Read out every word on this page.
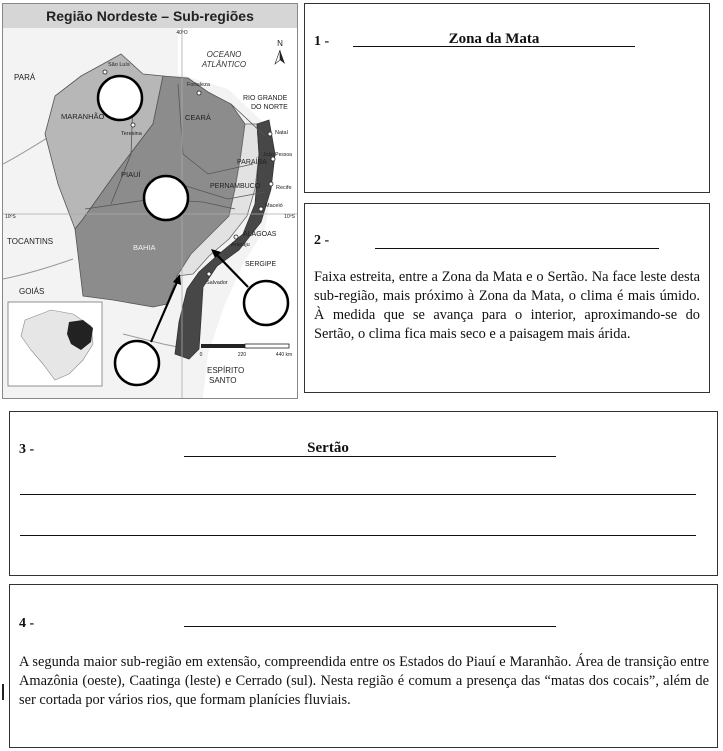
Região Nordeste – Sub-regiões
40ºO
10ºS	10ºS
N
OCEANO
ATLÂNTICO
PARÁ
TOCANTINS
GOIÁS
ESPÍRITO
SANTO
MARANHÃO
PIAUÍ
CEARÁ
RIO GRANDE
DO NORTE
PARAÍBA
PERNAMBUCO
ALAGOAS
SERGIPE
BAHIA
São Luís
Teresina
Fortaleza
Natal
João Pessoa
Recife
Maceió
Aracaju
Salvador
0	220	440 km
1 -	Zona da Mata
2 -

Faixa estreita, entre a Zona da Mata e o Sertão. Na face leste desta sub-região, mais próximo à Zona da Mata, o clima é mais úmido. À medida que se avança para o interior, aproximando-se do Sertão, o clima fica mais seco e a paisagem mais árida.

3 -	Sertão
4 -

A segunda maior sub-região em extensão, compreendida entre os Estados do Piauí e Maranhão. Área de transição entre Amazônia (oeste), Caatinga (leste) e Cerrado (sul). Nesta região é comum a presença das “matas dos cocais”, além de ser cortada por vários rios, que formam planícies fluviais.
